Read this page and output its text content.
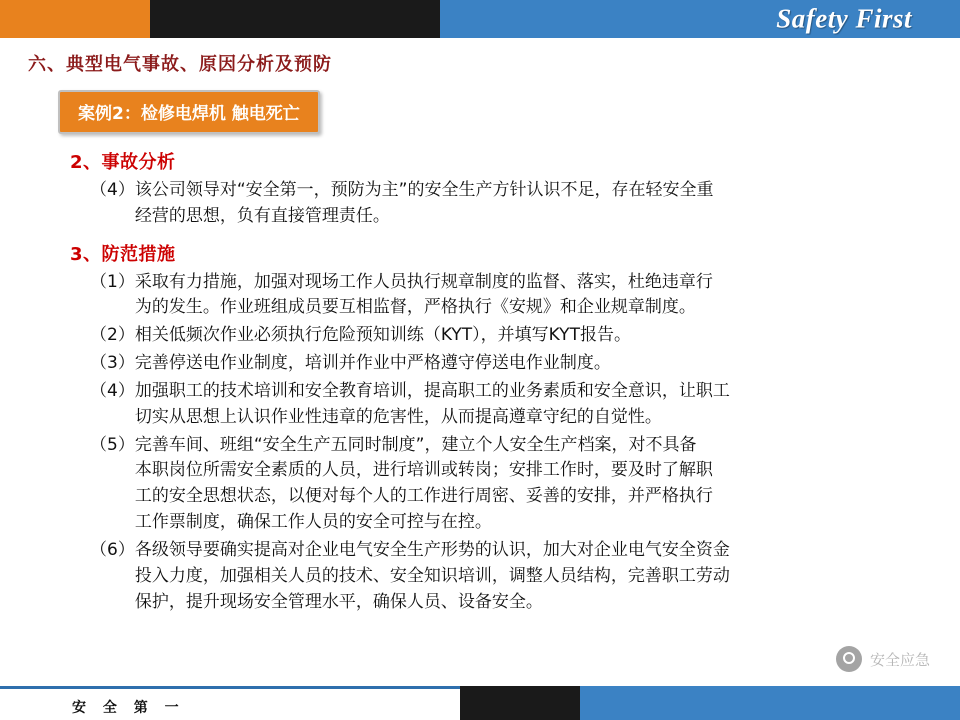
Safety First
六、典型电气事故、原因分析及预防
案例2：检修电焊机 触电死亡
2、事故分析
（4） 该公司领导对“安全第一，预防为主”的安全生产方针认识不足，存在轻安全重
经营的思想，负有直接管理责任。
3、防范措施
（1） 采取有力措施，加强对现场工作人员执行规章制度的监督、落实，杜绝违章行
为的发生。作业班组成员要互相监督，严格执行《安规》和企业规章制度。
（2） 相关低频次作业必须执行危险预知训练（KYT），并填写KYT报告。
（3） 完善停送电作业制度，培训并作业中严格遵守停送电作业制度。
（4） 加强职工的技术培训和安全教育培训，提高职工的业务素质和安全意识，让职工
切实从思想上认识作业性违章的危害性，从而提高遵章守纪的自觉性。
（5） 完善车间、班组“安全生产五同时制度”，建立个人安全生产档案，对不具备
本职岗位所需安全素质的人员，进行培训或转岗；安排工作时，要及时了解职
工的安全思想状态，以便对每个人的工作进行周密、妥善的安排，并严格执行
工作票制度，确保工作人员的安全可控与在控。
（6） 各级领导要确实提高对企业电气安全生产形势的认识，加大对企业电气安全资金
投入力度，加强相关人员的技术、安全知识培训，调整人员结构，完善职工劳动
保护，提升现场安全管理水平，确保人员、设备安全。
安全应急
安 全 第 一
